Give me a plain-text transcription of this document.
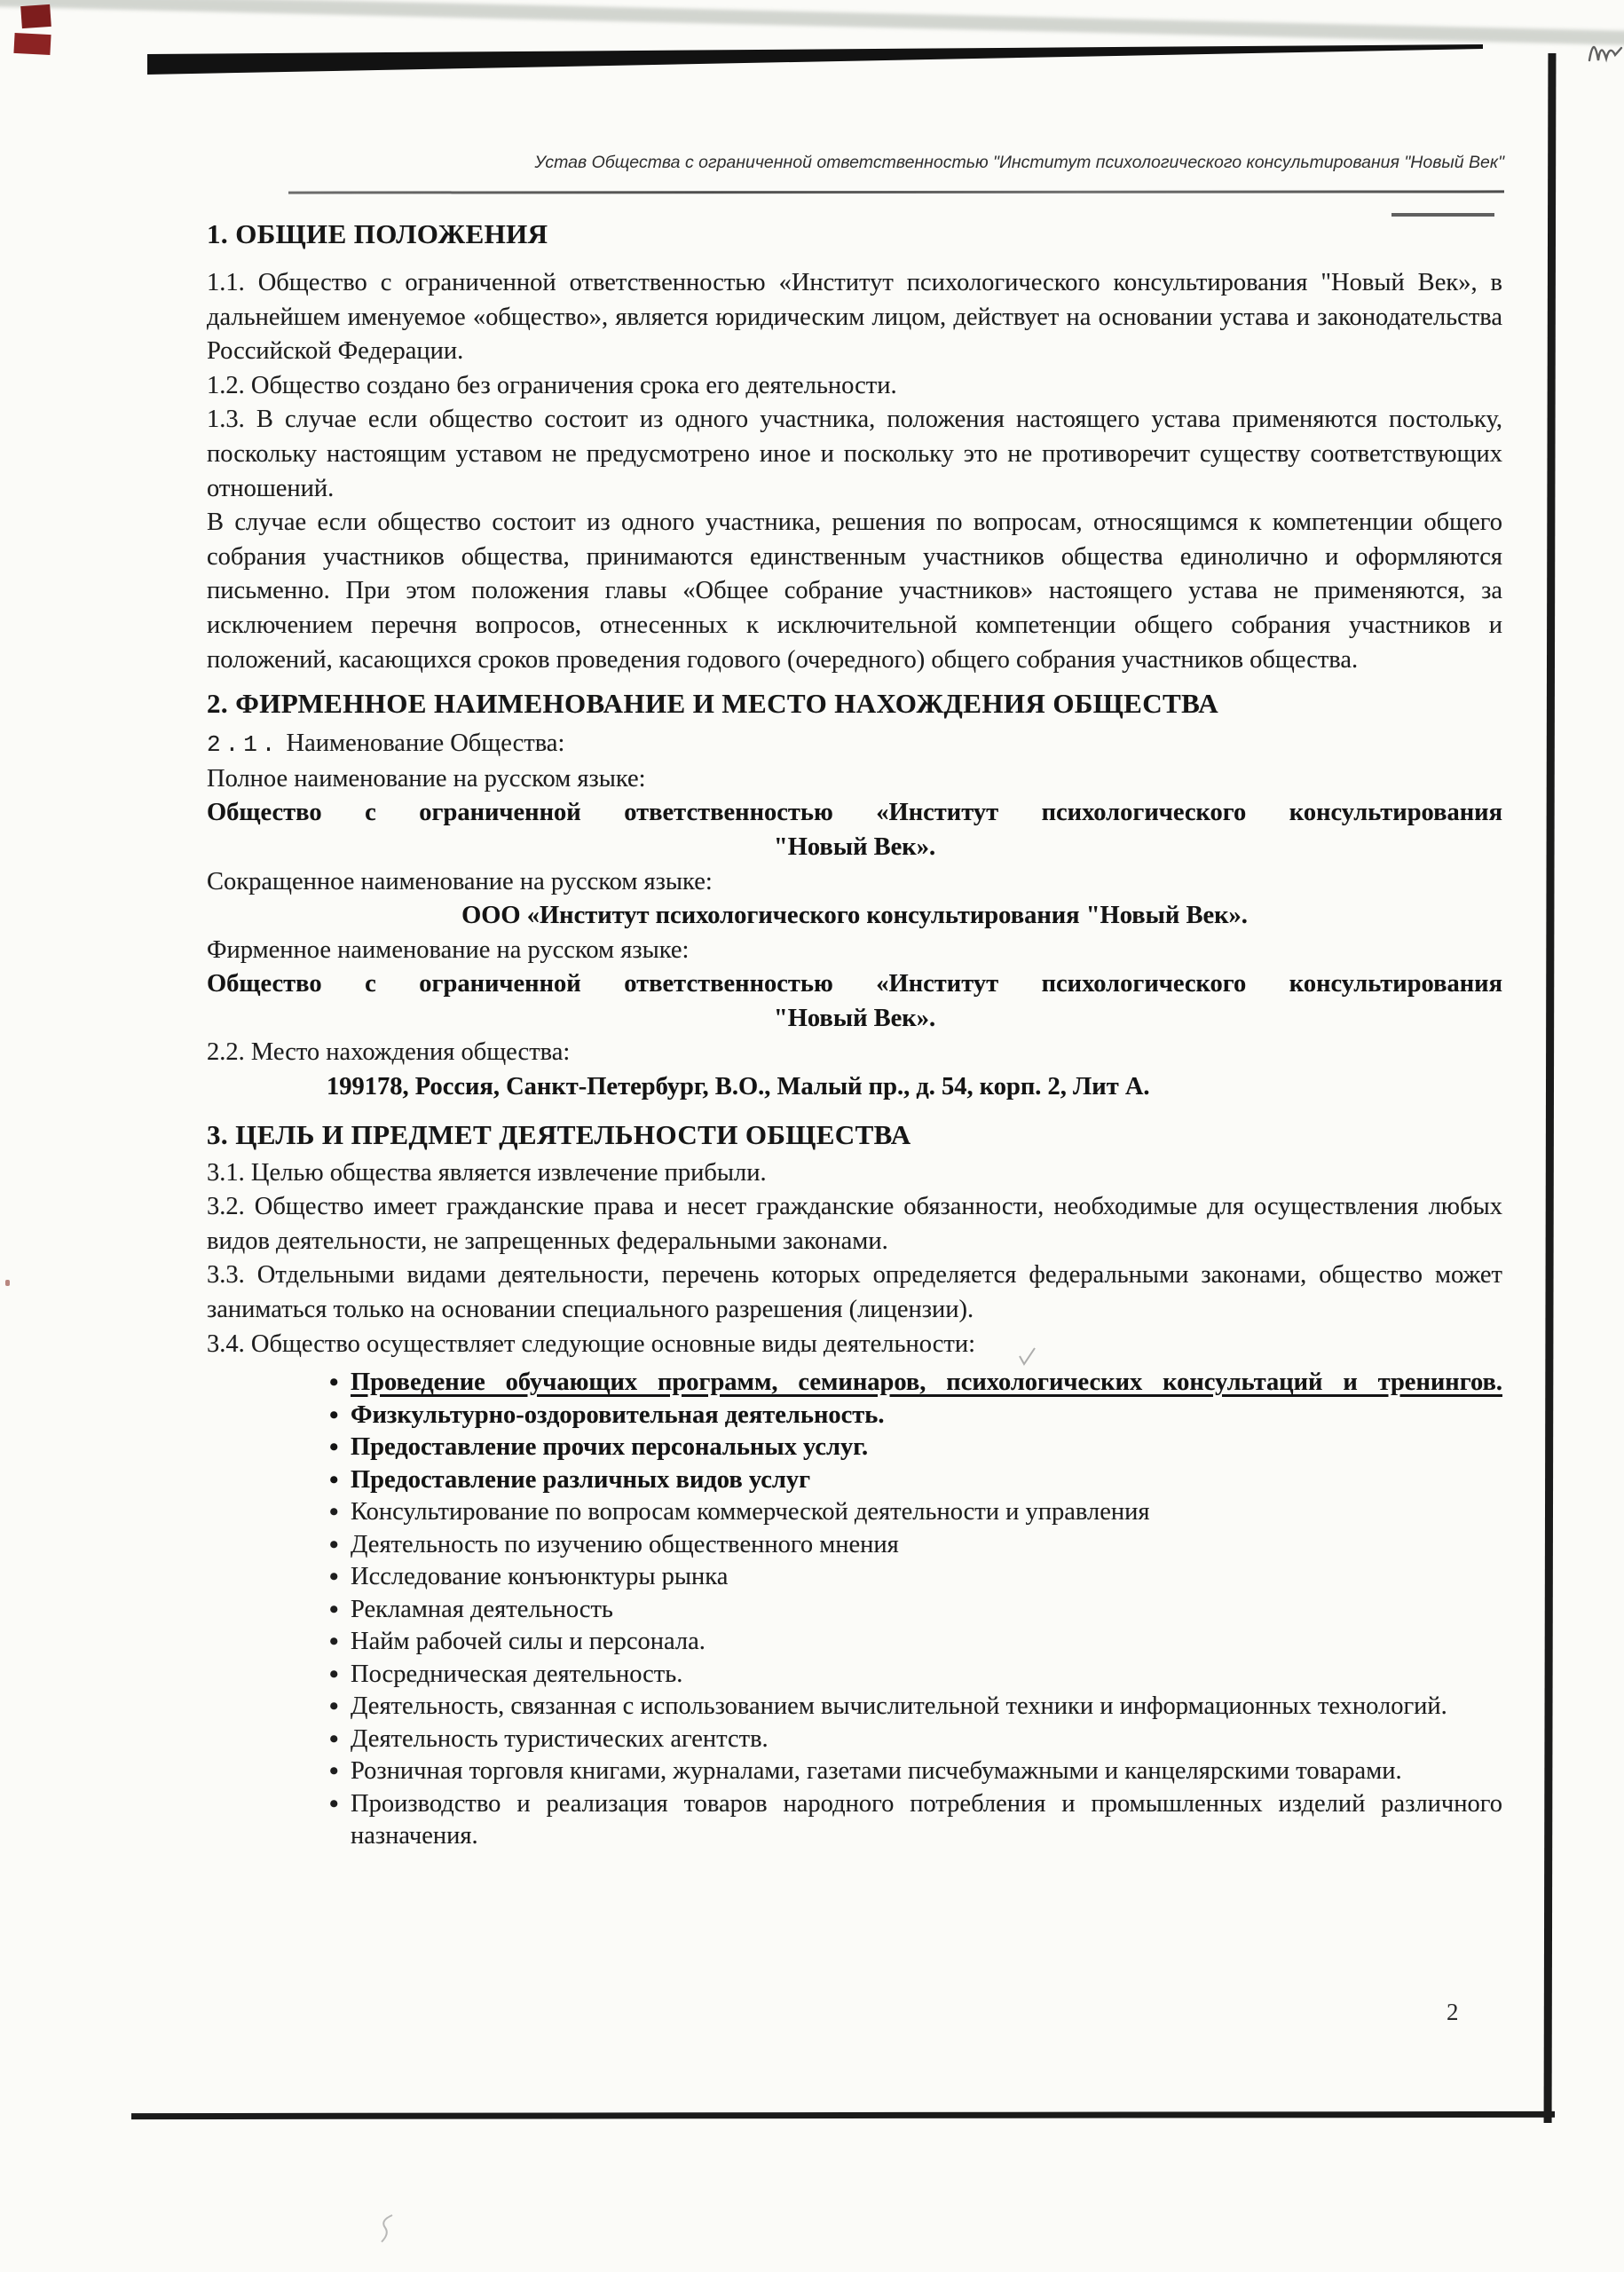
Устав Общества с ограниченной ответственностью "Институт психологического консультирования "Новый Век"
1. ОБЩИЕ ПОЛОЖЕНИЯ

1.1. Общество с ограниченной ответственностью «Институт психологического консультирования "Новый Век», в дальнейшем именуемое «общество», является юридическим лицом, действует на основании устава и законодательства Российской Федерации.

1.2. Общество создано без ограничения срока его деятельности.

1.3. В случае если общество состоит из одного участника, положения настоящего устава применяются постольку, поскольку настоящим уставом не предусмотрено иное и поскольку это не противоречит существу соответствующих отношений.

В случае если общество состоит из одного участника, решения по вопросам, относящимся к компетенции общего собрания участников общества, принимаются единственным участников общества единолично и оформляются письменно. При этом положения главы «Общее собрание участников» настоящего устава не применяются, за исключением перечня вопросов, отнесенных к исключительной компетенции общего собрания участников и положений, касающихся сроков проведения годового (очередного) общего собрания участников общества.

2. ФИРМЕННОЕ НАИМЕНОВАНИЕ И МЕСТО НАХОЖДЕНИЯ ОБЩЕСТВА

2.1. Наименование Общества:

Полное наименование на русском языке:

Общество с ограниченной ответственностью «Институт психологического консультирования

"Новый Век».

Сокращенное наименование на русском языке:

ООО «Институт психологического консультирования "Новый Век».

Фирменное наименование на русском языке:

Общество с ограниченной ответственностью «Институт психологического консультирования

"Новый Век».

2.2. Место нахождения общества:

199178, Россия, Санкт-Петербург, В.О., Малый пр., д. 54, корп. 2, Лит А.

3. ЦЕЛЬ И ПРЕДМЕТ ДЕЯТЕЛЬНОСТИ ОБЩЕСТВА

3.1. Целью общества является извлечение прибыли.

3.2. Общество имеет гражданские права и несет гражданские обязанности, необходимые для осуществления любых видов деятельности, не запрещенных федеральными законами.

3.3. Отдельными видами деятельности, перечень которых определяется федеральными законами, общество может заниматься только на основании специального разрешения (лицензии).

3.4. Общество осуществляет следующие основные виды деятельности:

• Проведение обучающих программ, семинаров, психологических консультаций и тренингов.
• Физкультурно-оздоровительная деятельность.
• Предоставление прочих персональных услуг.
• Предоставление различных видов услуг
• Консультирование по вопросам коммерческой деятельности и управления
• Деятельность по изучению общественного мнения
• Исследование конъюнктуры рынка
• Рекламная деятельность
• Найм рабочей силы и персонала.
• Посредническая деятельность.
• Деятельность, связанная с использованием вычислительной техники и информационных технологий.
• Деятельность туристических агентств.
• Розничная торговля книгами, журналами, газетами писчебумажными и канцелярскими товарами.
• Производство и реализация товаров народного потребления и промышленных изделий различного назначения.
2
